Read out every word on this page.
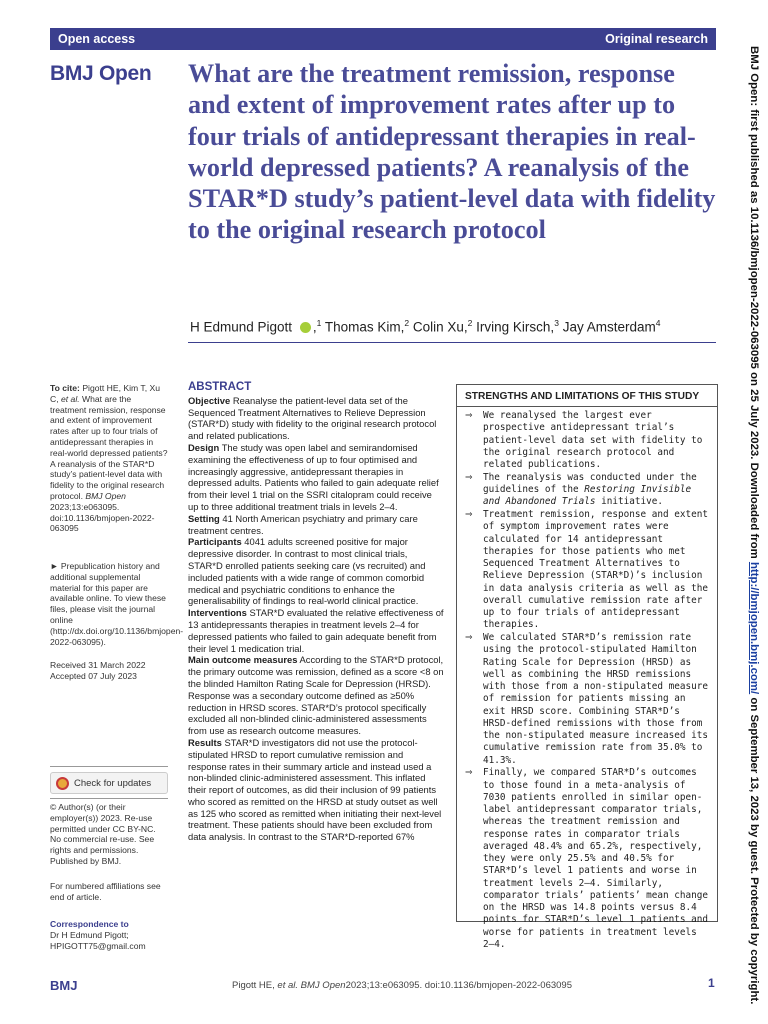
Open access	Original research
BMJ Open What are the treatment remission, response and extent of improvement rates after up to four trials of antidepressant therapies in real-world depressed patients? A reanalysis of the STAR*D study’s patient-level data with fidelity to the original research protocol
H Edmund Pigott ,$^1$ Thomas Kim,$^2$ Colin Xu,$^2$ Irving Kirsch,$^3$ Jay Amsterdam$^4$
To cite: Pigott HE, Kim T, Xu C, et al. What are the treatment remission, response and extent of improvement rates after up to four trials of antidepressant therapies in real-world depressed patients? A reanalysis of the STAR*D study’s patient-level data with fidelity to the original research protocol. BMJ Open 2023;13:e063095. doi:10.1136/bmjopen-2022-063095
► Prepublication history and additional supplemental material for this paper are available online. To view these files, please visit the journal online (http://dx.doi.org/10.1136/bmjopen-2022-063095).
Received 31 March 2022
Accepted 07 July 2023
Check for updates
© Author(s) (or their employer(s)) 2023. Re-use permitted under CC BY-NC. No commercial re-use. See rights and permissions. Published by BMJ.
For numbered affiliations see end of article.
Correspondence to
Dr H Edmund Pigott;
HPIGOTT75@gmail.com
ABSTRACT
Objective Reanalyse the patient-level data set of the Sequenced Treatment Alternatives to Relieve Depression (STAR*D) study with fidelity to the original research protocol and related publications.
Design The study was open label and semirandomised examining the effectiveness of up to four optimised and increasingly aggressive, antidepressant therapies in depressed adults. Patients who failed to gain adequate relief from their level 1 trial on the SSRI citalopram could receive up to three additional treatment trials in levels 2–4.
Setting 41 North American psychiatry and primary care treatment centres.
Participants 4041 adults screened positive for major depressive disorder. In contrast to most clinical trials, STAR*D enrolled patients seeking care (vs recruited) and included patients with a wide range of common comorbid medical and psychiatric conditions to enhance the generalisability of findings to real-world clinical practice.
Interventions STAR*D evaluated the relative effectiveness of 13 antidepressants therapies in treatment levels 2–4 for depressed patients who failed to gain adequate benefit from their level 1 medication trial.
Main outcome measures According to the STAR*D protocol, the primary outcome was remission, defined as a score <8 on the blinded Hamilton Rating Scale for Depression (HRSD). Response was a secondary outcome defined as ≥50% reduction in HRSD scores. STAR*D’s protocol specifically excluded all non-blinded clinic-administered assessments from use as research outcome measures.
Results STAR*D investigators did not use the protocol-stipulated HRSD to report cumulative remission and response rates in their summary article and instead used a non-blinded clinic-administered assessment. This inflated their report of outcomes, as did their inclusion of 99 patients who scored as remitted on the HRSD at study outset as well as 125 who scored as remitted when initiating their next-level treatment. These patients should have been excluded from data analysis. In contrast to the STAR*D-reported 67%
STRENGTHS AND LIMITATIONS OF THIS STUDY
⇒ We reanalysed the largest ever prospective antidepressant trial’s patient-level data set with fidelity to the original research protocol and related publications.
⇒ The reanalysis was conducted under the guidelines of the Restoring Invisible and Abandoned Trials initiative.
⇒ Treatment remission, response and extent of symptom improvement rates were calculated for 14 antidepressant therapies for those patients who met Sequenced Treatment Alternatives to Relieve Depression (STAR*D)’s inclusion in data analysis criteria as well as the overall cumulative remission rate after up to four trials of antidepressant therapies.
⇒ We calculated STAR*D’s remission rate using the protocol-stipulated Hamilton Rating Scale for Depression (HRSD) as well as combining the HRSD remissions with those from a non-stipulated measure of remission for patients missing an exit HRSD score. Combining STAR*D’s HRSD-defined remissions with those from the non-stipulated measure increased its cumulative remission rate from 35.0% to 41.3%.
⇒ Finally, we compared STAR*D’s outcomes to those found in a meta-analysis of 7030 patients enrolled in similar open-label antidepressant comparator trials, whereas the treatment remission and response rates in comparator trials averaged 48.4% and 65.2%, respectively, they were only 25.5% and 40.5% for STAR*D’s level 1 patients and worse in treatment levels 2–4. Similarly, comparator trials’ patients’ mean change on the HRSD was 14.8 points versus 8.4 points for STAR*D’s level 1 patients and worse for patients in treatment levels 2–4.
BMJ Open: first published as 10.1136/bmjopen-2022-063095 on 25 July 2023. Downloaded from http://bmjopen.bmj.com/ on September 13, 2023 by guest. Protected by copyright.
BMJ	Pigott HE, et al. BMJ Open2023;13:e063095. doi:10.1136/bmjopen-2022-063095	1
